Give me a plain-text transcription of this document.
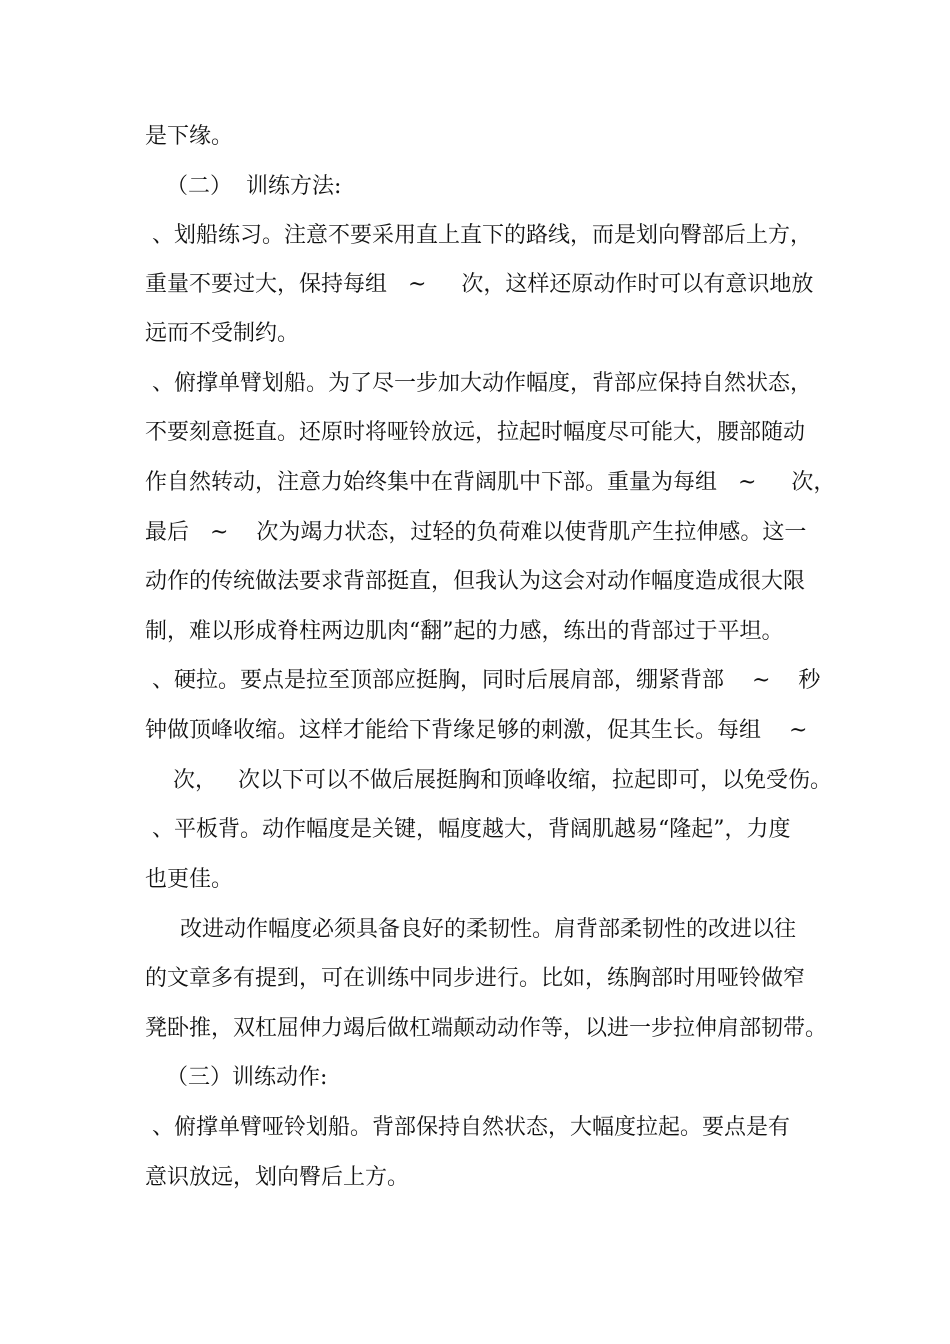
是下缘。
（二）  训练方法:
、划船练习。注意不要采用直上直下的路线，而是划向臀部后上方，
重量不要过大，保持每组   ~     次，这样还原动作时可以有意识地放
远而不受制约。
、俯撑单臂划船。为了尽一步加大动作幅度，背部应保持自然状态，
不要刻意挺直。还原时将哑铃放远，拉起时幅度尽可能大，腰部随动
作自然转动，注意力始终集中在背阔肌中下部。重量为每组   ~     次，
最后   ~    次为竭力状态，过轻的负荷难以使背肌产生拉伸感。这一
动作的传统做法要求背部挺直，但我认为这会对动作幅度造成很大限
制，难以形成脊柱两边肌肉“翻”起的力感，练出的背部过于平坦。
、硬拉。要点是拉至顶部应挺胸，同时后展肩部，绷紧背部    ~    秒
钟做顶峰收缩。这样才能给下背缘足够的刺激，促其生长。每组    ~
次，   次以下可以不做后展挺胸和顶峰收缩，拉起即可，以免受伤。
、平板背。动作幅度是关键，幅度越大，背阔肌越易“隆起”，力度
也更佳。
改进动作幅度必须具备良好的柔韧性。肩背部柔韧性的改进以往
的文章多有提到，可在训练中同步进行。比如，练胸部时用哑铃做窄
凳卧推，双杠屈伸力竭后做杠端颠动动作等，以进一步拉伸肩部韧带。
（三）训练动作:
、俯撑单臂哑铃划船。背部保持自然状态，大幅度拉起。要点是有
意识放远，划向臀后上方。
